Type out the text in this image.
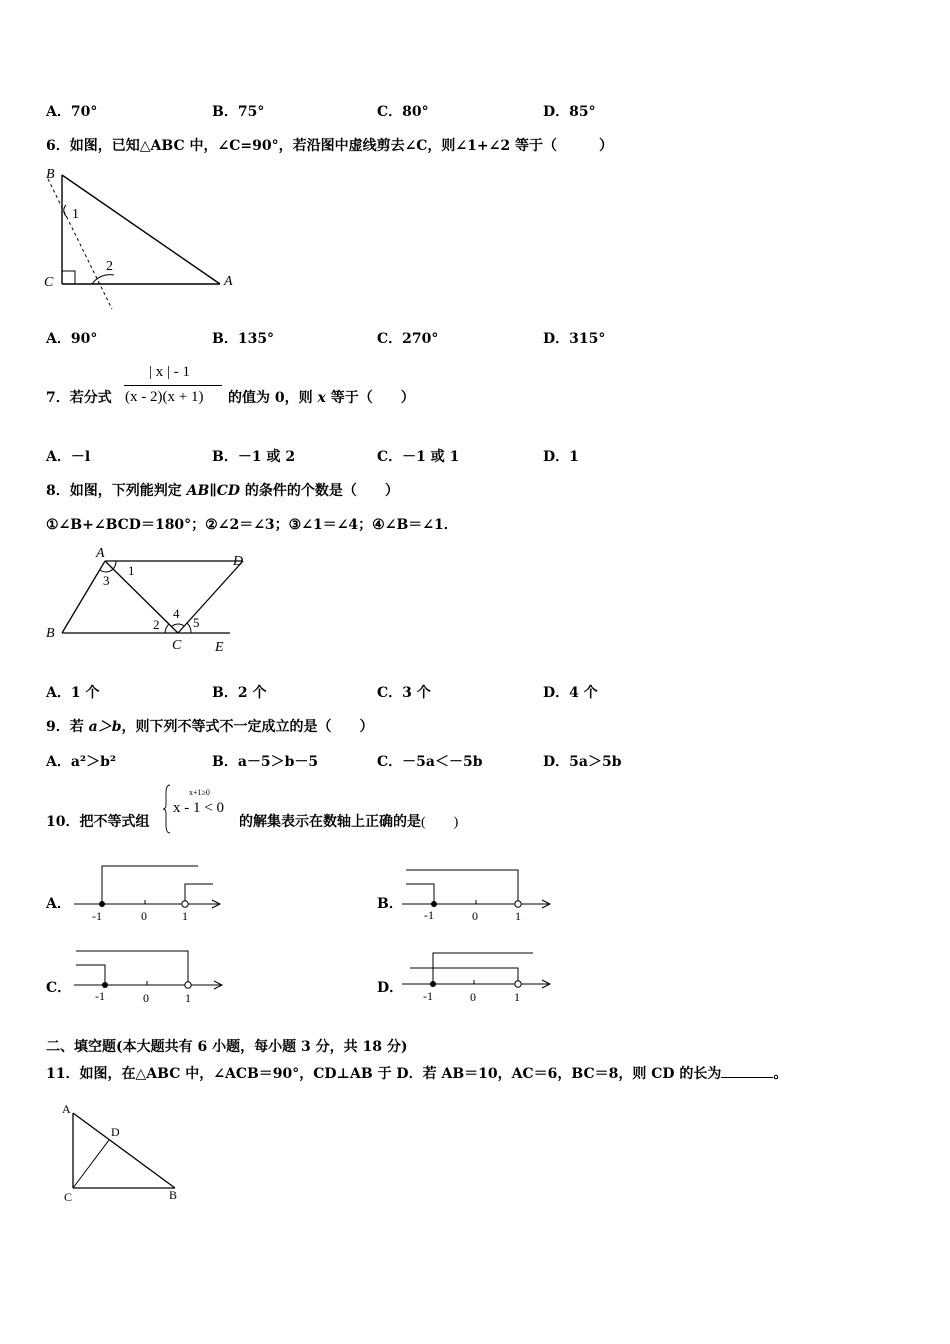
A．70°	B．75°	C．80°	D．85°
6．如图，已知△ABC 中，∠C=90°，若沿图中虚线剪去∠C，则∠1+∠2 等于（　　　）
B
1
C
2
A
A．90°	B．135°	C．270°	D．315°
7．若分式
| x | - 1
(x - 2)(x + 1) 的值为 0，则 x 等于（　　）
A．－l	B．－1 或 2	C．－1 或 1	D．1
8．如图，下列能判定 AB∥CD 的条件的个数是（　　）
①∠B+∠BCD＝180°；②∠2＝∠3；③∠1＝∠4；④∠B＝∠1．
A
D
1
3
4
2	5
B
C E
A．1 个	B．2 个	C．3 个	D．4 个
9．若 a＞b，则下列不等式不一定成立的是（　　）
A．a²＞b²	B．a－5＞b－5	C．－5a＜－5b	D．5a＞5b
10．把不等式组
x+1≥0
x - 1 < 0
的解集表示在数轴上正确的是(　　)
A．
-1	0	1
B．
-1	0	1
C． -1	0	1
D． -1	0	1
二、填空题(本大题共有 6 小题，每小题 3 分，共 18 分)
11．如图，在△ABC 中，∠ACB＝90°，CD⊥AB 于 D．若 AB＝10，AC＝6，BC＝8，则 CD 的长为	。
A
D
C	B
